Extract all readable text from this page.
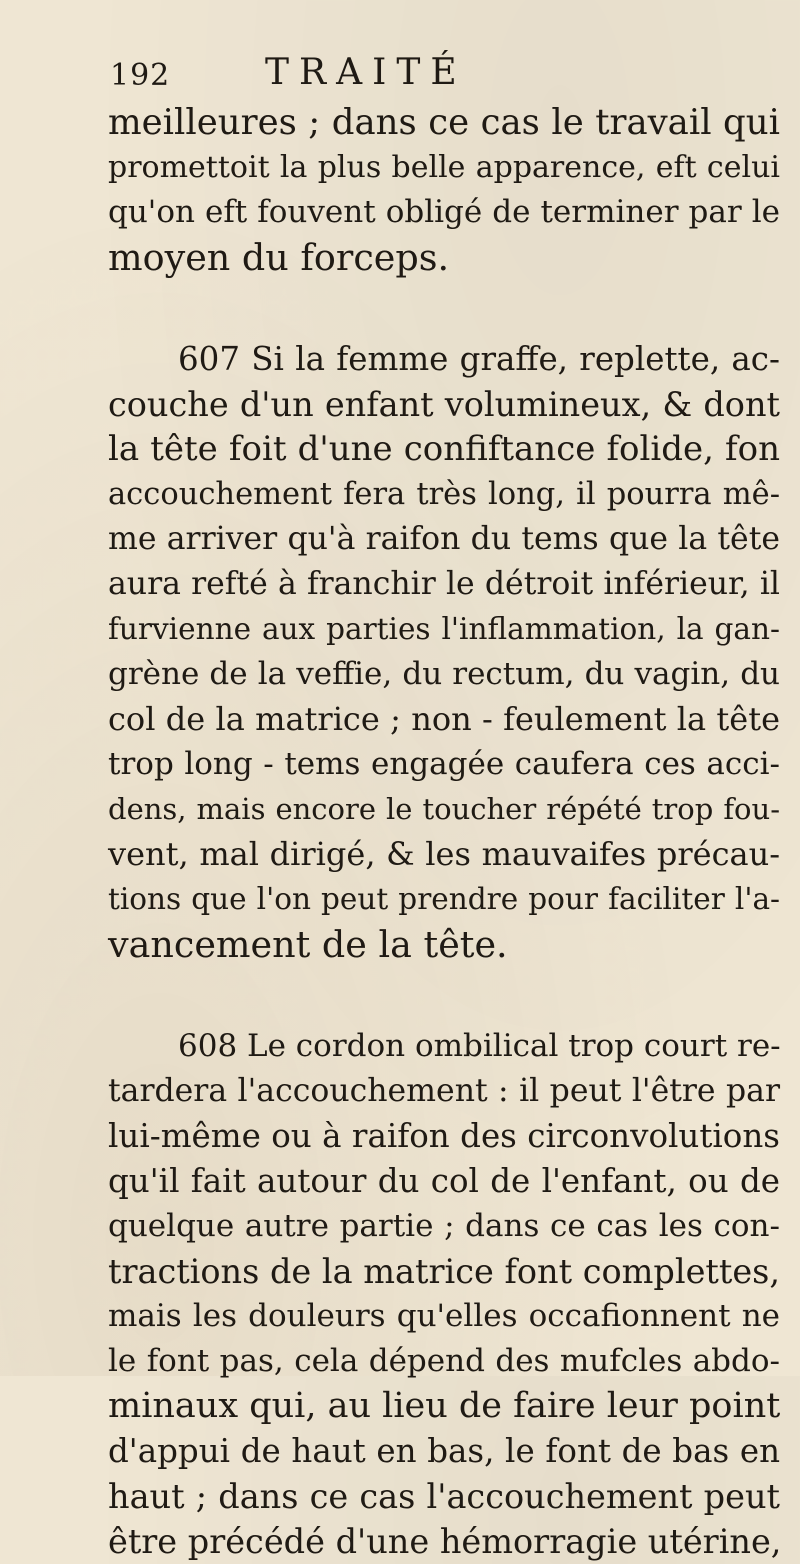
192	TRAITÉ
meilleures ; dans ce cas le travail qui
promettoit la plus belle apparence, eft celui
qu'on eft fouvent obligé de terminer par le
moyen du forceps.
607 Si la femme graffe, replette, ac-
couche d'un enfant volumineux, & dont
la tête foit d'une confiftance folide, fon
accouchement fera très long, il pourra mê-
me arriver qu'à raifon du tems que la tête
aura refté à franchir le détroit inférieur, il
furvienne aux parties l'inflammation, la gan-
grène de la veffie, du rectum, du vagin, du
col de la matrice ; non - feulement la tête
trop long - tems engagée caufera ces acci-
dens, mais encore le toucher répété trop fou-
vent, mal dirigé, & les mauvaifes précau-
tions que l'on peut prendre pour faciliter l'a-
vancement de la tête.
608 Le cordon ombilical trop court re-
tardera l'accouchement : il peut l'être par
lui-même ou à raifon des circonvolutions
qu'il fait autour du col de l'enfant, ou de
quelque autre partie ; dans ce cas les con-
tractions de la matrice font complettes,
mais les douleurs qu'elles occafionnent ne
le font pas, cela dépend des mufcles abdo-
minaux qui, au lieu de faire leur point
d'appui de haut en bas, le font de bas en
haut ; dans ce cas l'accouchement peut
être précédé d'une hémorragie utérine,
